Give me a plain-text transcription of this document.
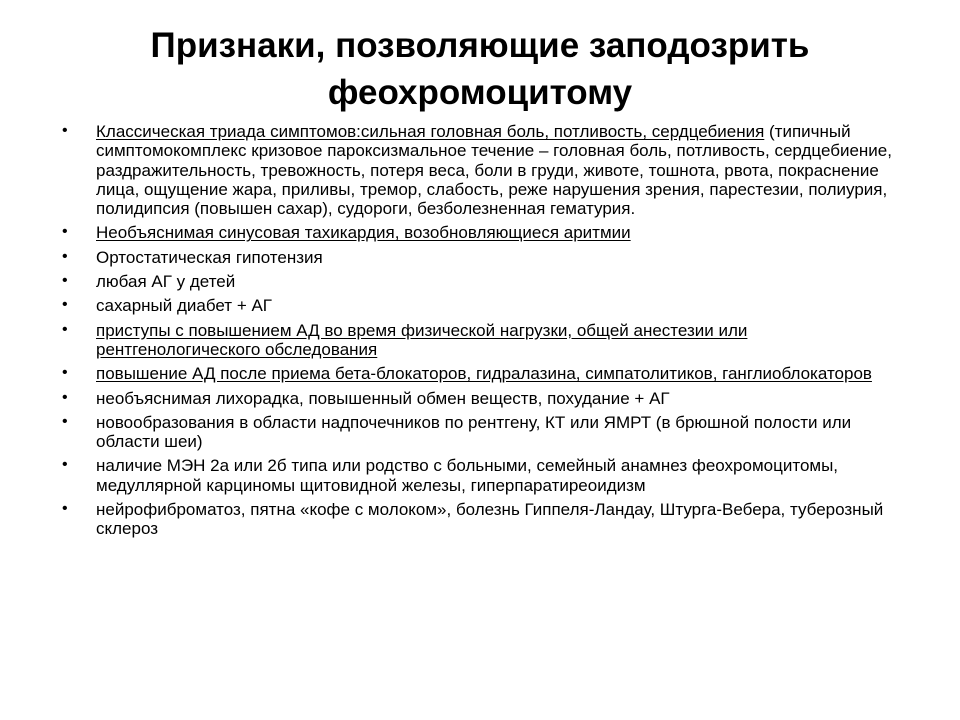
Признаки, позволяющие заподозрить
феохромоцитому
• Классическая триада симптомов:сильная головная боль, потливость, сердцебиения (типичный симптомокомплекс кризовое пароксизмальное течение – головная боль, потливость, сердцебиение, раздражительность, тревожность, потеря веса, боли в груди, животе, тошнота, рвота, покраснение лица, ощущение жара, приливы, тремор, слабость, реже нарушения зрения, парестезии, полиурия, полидипсия (повышен сахар), судороги, безболезненная гематурия.
• Необъяснимая синусовая тахикардия, возобновляющиеся аритмии
• Ортостатическая гипотензия
• любая АГ у детей
• сахарный диабет + АГ
• приступы с повышением АД во время физической нагрузки, общей анестезии или рентгенологического обследования
• повышение АД после приема бета-блокаторов, гидралазина, симпатолитиков, ганглиоблокаторов
• необъяснимая лихорадка, повышенный обмен веществ, похудание + АГ
• новообразования в области надпочечников по рентгену, КТ или ЯМРТ (в брюшной полости или области шеи)
• наличие МЭН 2а или 2б типа или родство с больными, семейный анамнез феохромоцитомы, медуллярной карциномы щитовидной железы, гиперпаратиреоидизм
• нейрофиброматоз, пятна «кофе с молоком», болезнь Гиппеля-Ландау, Штурга-Вебера, туберозный склероз
